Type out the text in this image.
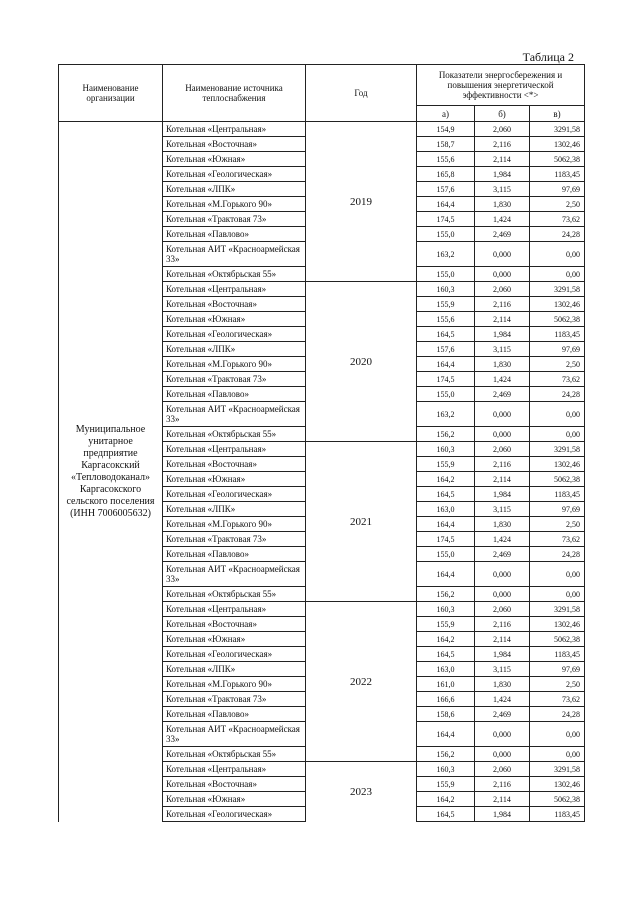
Таблица 2
Наименование организации	Наименование источника теплоснабжения	Год	Показатели энергосбережения и повышения энергетической эффективности <*>		
			а)	б)	в)
Муниципальное унитарное предприятие Каргасокский «Тепловодоканал» Каргасокского сельского поселения (ИНН 7006005632)	Котельная «Центральная»	2019	154,9	2,060	3291,58
	Котельная «Восточная»		158,7	2,116	1302,46
	Котельная «Южная»		155,6	2,114	5062,38
	Котельная «Геологическая»		165,8	1,984	1183,45
	Котельная «ЛПК»		157,6	3,115	97,69
	Котельная «М.Горького 90»		164,4	1,830	2,50
	Котельная «Трактовая 73»		174,5	1,424	73,62
	Котельная «Павлово»		155,0	2,469	24,28
	Котельная АИТ «Красноармейская 33»		163,2	0,000	0,00
	Котельная «Октябрьская 55»		155,0	0,000	0,00
	Котельная «Центральная»	2020	160,3	2,060	3291,58
	Котельная «Восточная»		155,9	2,116	1302,46
	Котельная «Южная»		155,6	2,114	5062,38
	Котельная «Геологическая»		164,5	1,984	1183,45
	Котельная «ЛПК»		157,6	3,115	97,69
	Котельная «М.Горького 90»		164,4	1,830	2,50
	Котельная «Трактовая 73»		174,5	1,424	73,62
	Котельная «Павлово»		155,0	2,469	24,28
	Котельная АИТ «Красноармейская 33»		163,2	0,000	0,00
	Котельная «Октябрьская 55»		156,2	0,000	0,00
	Котельная «Центральная»	2021	160,3	2,060	3291,58
	Котельная «Восточная»		155,9	2,116	1302,46
	Котельная «Южная»		164,2	2,114	5062,38
	Котельная «Геологическая»		164,5	1,984	1183,45
	Котельная «ЛПК»		163,0	3,115	97,69
	Котельная «М.Горького 90»		164,4	1,830	2,50
	Котельная «Трактовая 73»		174,5	1,424	73,62
	Котельная «Павлово»		155,0	2,469	24,28
	Котельная АИТ «Красноармейская 33»		164,4	0,000	0,00
	Котельная «Октябрьская 55»		156,2	0,000	0,00
	Котельная «Центральная»	2022	160,3	2,060	3291,58
	Котельная «Восточная»		155,9	2,116	1302,46
	Котельная «Южная»		164,2	2,114	5062,38
	Котельная «Геологическая»		164,5	1,984	1183,45
	Котельная «ЛПК»		163,0	3,115	97,69
	Котельная «М.Горького 90»		161,0	1,830	2,50
	Котельная «Трактовая 73»		166,6	1,424	73,62
	Котельная «Павлово»		158,6	2,469	24,28
	Котельная АИТ «Красноармейская 33»		164,4	0,000	0,00
	Котельная «Октябрьская 55»		156,2	0,000	0,00
	Котельная «Центральная»	2023	160,3	2,060	3291,58
	Котельная «Восточная»		155,9	2,116	1302,46
	Котельная «Южная»		164,2	2,114	5062,38
	Котельная «Геологическая»		164,5	1,984	1183,45
